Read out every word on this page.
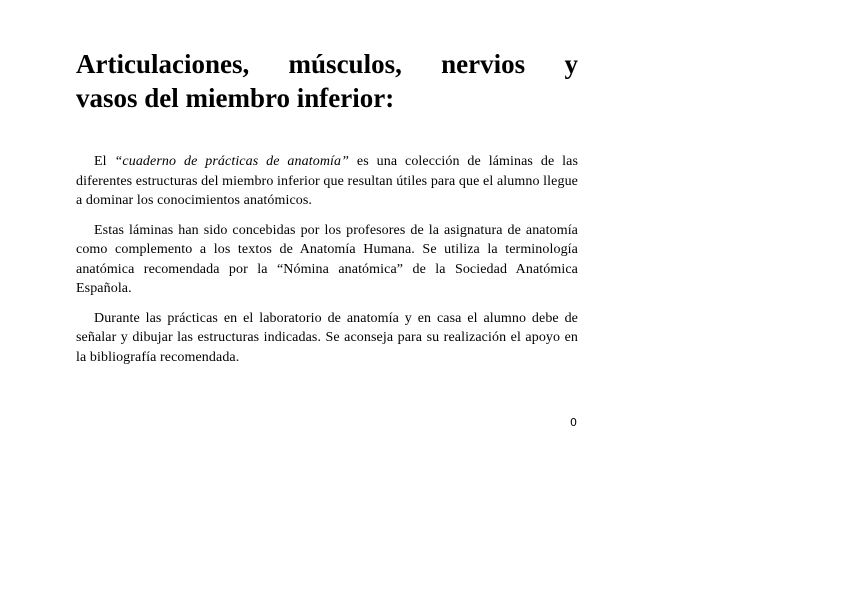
Articulaciones, músculos, nervios y
vasos del miembro inferior:

El “cuaderno de prácticas de anatomía” es una colección de láminas de las diferentes estructuras del miembro inferior que resultan útiles para que el alumno llegue a dominar los conocimientos anatómicos.

Estas láminas han sido concebidas por los profesores de la asignatura de anatomía como complemento a los textos de Anatomía Humana. Se utiliza la terminología anatómica recomendada por la “Nómina anatómica” de la Sociedad Anatómica Española.

Durante las prácticas en el laboratorio de anatomía y en casa el alumno debe de señalar y dibujar las estructuras indicadas. Se aconseja para su realización el apoyo en la bibliografía recomendada.

0
